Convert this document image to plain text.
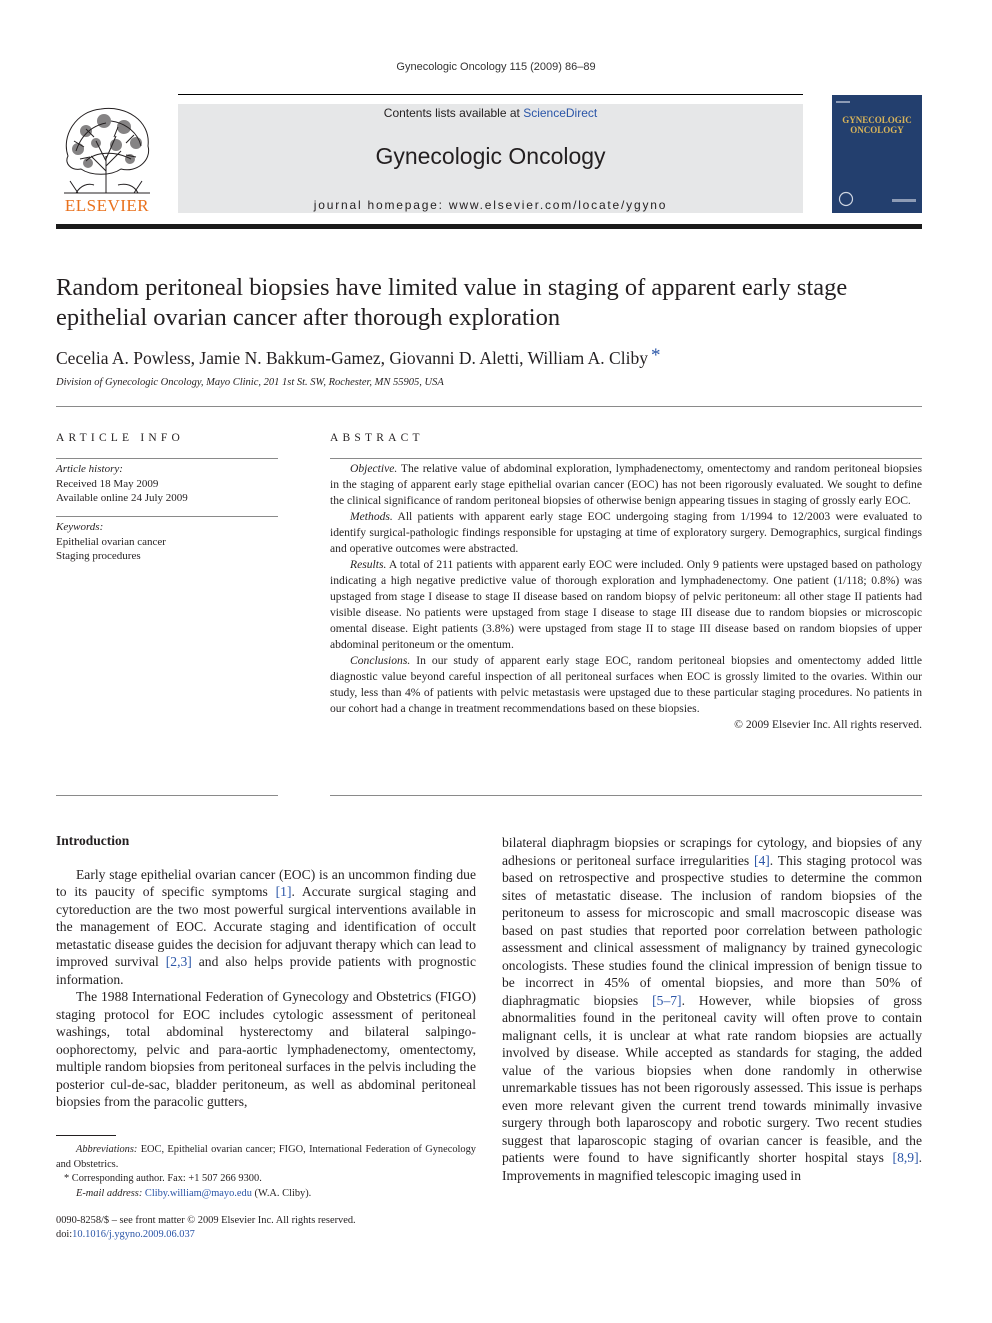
Gynecologic Oncology 115 (2009) 86–89
ELSEVIER
Contents lists available at ScienceDirect
Gynecologic Oncology
journal homepage: www.elsevier.com/locate/ygyno
GYNECOLOGIC ONCOLOGY
Random peritoneal biopsies have limited value in staging of apparent early stage epithelial ovarian cancer after thorough exploration
Cecelia A. Powless, Jamie N. Bakkum-Gamez, Giovanni D. Aletti, William A. Cliby *
Division of Gynecologic Oncology, Mayo Clinic, 201 1st St. SW, Rochester, MN 55905, USA
ARTICLE INFO
Article history:
Received 18 May 2009
Available online 24 July 2009
Keywords:
Epithelial ovarian cancer
Staging procedures
ABSTRACT

Objective. The relative value of abdominal exploration, lymphadenectomy, omentectomy and random peritoneal biopsies in the staging of apparent early stage epithelial ovarian cancer (EOC) has not been rigorously evaluated. We sought to define the clinical significance of random peritoneal biopsies of otherwise benign appearing tissues in staging of grossly early EOC.

Methods. All patients with apparent early stage EOC undergoing staging from 1/1994 to 12/2003 were evaluated to identify surgical-pathologic findings responsible for upstaging at time of exploratory surgery. Demographics, surgical findings and operative outcomes were abstracted.

Results. A total of 211 patients with apparent early EOC were included. Only 9 patients were upstaged based on pathology indicating a high negative predictive value of thorough exploration and lymphadenectomy. One patient (1/118; 0.8%) was upstaged from stage I disease to stage II disease based on random biopsy of pelvic peritoneum: all other stage II patients had visible disease. No patients were upstaged from stage I disease to stage III disease due to random biopsies or microscopic omental disease. Eight patients (3.8%) were upstaged from stage II to stage III disease based on random biopsies of upper abdominal peritoneum or the omentum.

Conclusions. In our study of apparent early stage EOC, random peritoneal biopsies and omentectomy added little diagnostic value beyond careful inspection of all peritoneal surfaces when EOC is grossly limited to the ovaries. Within our study, less than 4% of patients with pelvic metastasis were upstaged due to these particular staging procedures. No patients in our cohort had a change in treatment recommendations based on these biopsies.

© 2009 Elsevier Inc. All rights reserved.
Introduction

Early stage epithelial ovarian cancer (EOC) is an uncommon finding due to its paucity of specific symptoms [1]. Accurate surgical staging and cytoreduction are the two most powerful surgical interventions available in the management of EOC. Accurate staging and identification of occult metastatic disease guides the decision for adjuvant therapy which can lead to improved survival [2,3] and also helps provide patients with prognostic information.

The 1988 International Federation of Gynecology and Obstetrics (FIGO) staging protocol for EOC includes cytologic assessment of peritoneal washings, total abdominal hysterectomy and bilateral salpingo-oophorectomy, pelvic and para-aortic lymphadenectomy, omentectomy, multiple random biopsies from peritoneal surfaces in the pelvis including the posterior cul-de-sac, bladder peritoneum, as well as abdominal peritoneal biopsies from the paracolic gutters,

bilateral diaphragm biopsies or scrapings for cytology, and biopsies of any adhesions or peritoneal surface irregularities [4]. This staging protocol was based on retrospective and prospective studies to determine the common sites of metastatic disease. The inclusion of random biopsies of the peritoneum to assess for microscopic and small macroscopic disease was based on past studies that reported poor correlation between pathologic assessment and clinical assessment of malignancy by trained gynecologic oncologists. These studies found the clinical impression of benign tissue to be incorrect in 45% of omental biopsies, and more than 50% of diaphragmatic biopsies [5–7]. However, while biopsies of gross abnormalities found in the peritoneal cavity will often prove to contain malignant cells, it is unclear at what rate random biopsies are actually involved by disease. While accepted as standards for staging, the added value of the various biopsies when done randomly in otherwise unremarkable tissues has not been rigorously assessed. This issue is perhaps even more relevant given the current trend towards minimally invasive surgery through both laparoscopy and robotic surgery. Two recent studies suggest that laparoscopic staging of ovarian cancer is feasible, and the patients were found to have significantly shorter hospital stays [8,9]. Improvements in magnified telescopic imaging used in

Abbreviations: EOC, Epithelial ovarian cancer; FIGO, International Federation of Gynecology and Obstetrics.

* Corresponding author. Fax: +1 507 266 9300.

E-mail address: Cliby.william@mayo.edu (W.A. Cliby).

0090-8258/$ – see front matter © 2009 Elsevier Inc. All rights reserved.
doi:10.1016/j.ygyno.2009.06.037
